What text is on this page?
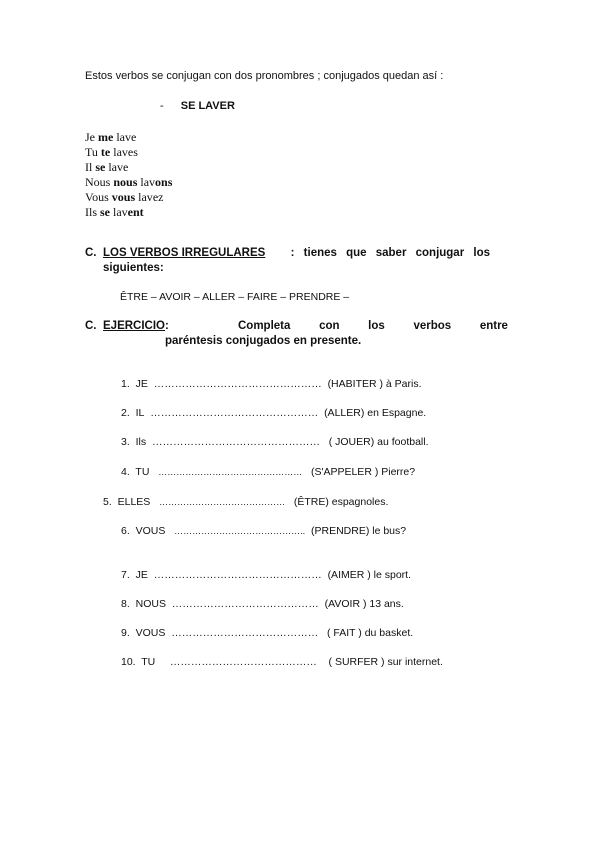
Estos verbos se conjugan con dos pronombres ; conjugados quedan así :
- SE LAVER
Je me lave
Tu te laves
Il se lave
Nous nous lavons
Vous vous lavez
Ils se lavent
C. LOS VERBOS IRREGULARES : tienes que saber conjugar los
siguientes:
ÊTRE – AVOIR – ALLER – FAIRE – PRENDRE –
C. EJERCICIO:	Completa con los verbos entre
paréntesis conjugados en presente.
1. JE ………………………………………… (HABITER ) à Paris.
2. IL ………………………………………… (ALLER) en Espagne.
3. Ils ………………………………………… ( JOUER) au football.
4. TU ………………………………………… (S'APPELER ) Pierre?
5. ELLES …………………………………… (ÊTRE) espagnoles.
6. VOUS …………………………………….. (PRENDRE) le bus?
7. JE ………………………………………… (AIMER ) le sport.
8. NOUS …………………………………… (AVOIR ) 13 ans.
9. VOUS …………………………………… ( FAIT ) du basket.
10. TU …………………………………… ( SURFER ) sur internet.
